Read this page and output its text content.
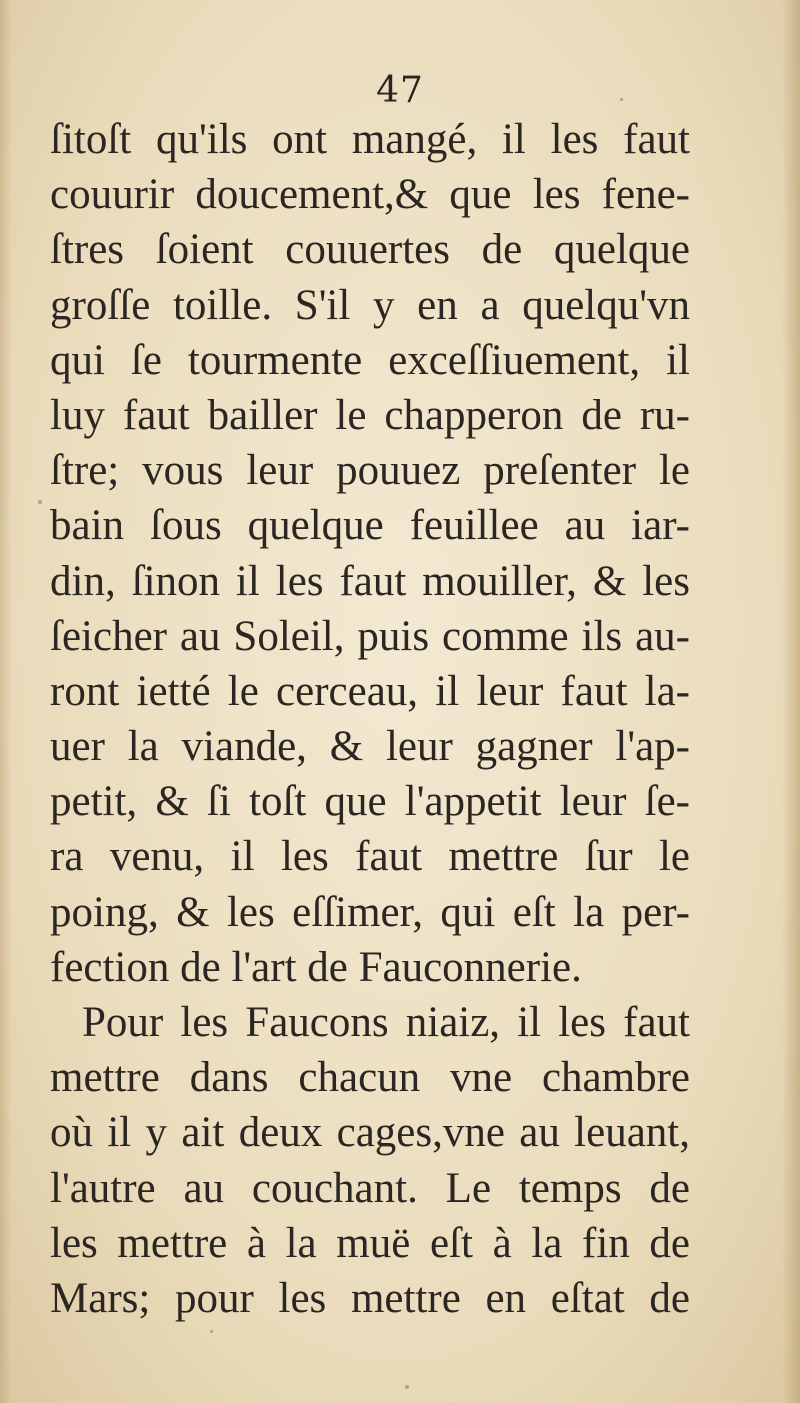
47
ſitoſt qu'ils ont mangé, il les faut
couurir doucement,& que les fene-
ſtres ſoient couuertes de quelque
groſſe toille. S'il y en a quelqu'vn
qui ſe tourmente exceſſiuement, il
luy faut bailler le chapperon de ru-
ſtre; vous leur pouuez preſenter le
bain ſous quelque feuillee au iar-
din, ſinon il les faut mouiller, & les
ſeicher au Soleil, puis comme ils au-
ront ietté le cerceau, il leur faut la-
uer la viande, & leur gagner l'ap-
petit, & ſi toſt que l'appetit leur ſe-
ra venu, il les faut mettre ſur le
poing, & les eſſimer, qui eſt la per-
fection de l'art de Fauconnerie.
Pour les Faucons niaiz, il les faut
mettre dans chacun vne chambre
où il y ait deux cages,vne au leuant,
l'autre au couchant. Le temps de
les mettre à la muë eſt à la fin de
Mars; pour les mettre en eſtat de
